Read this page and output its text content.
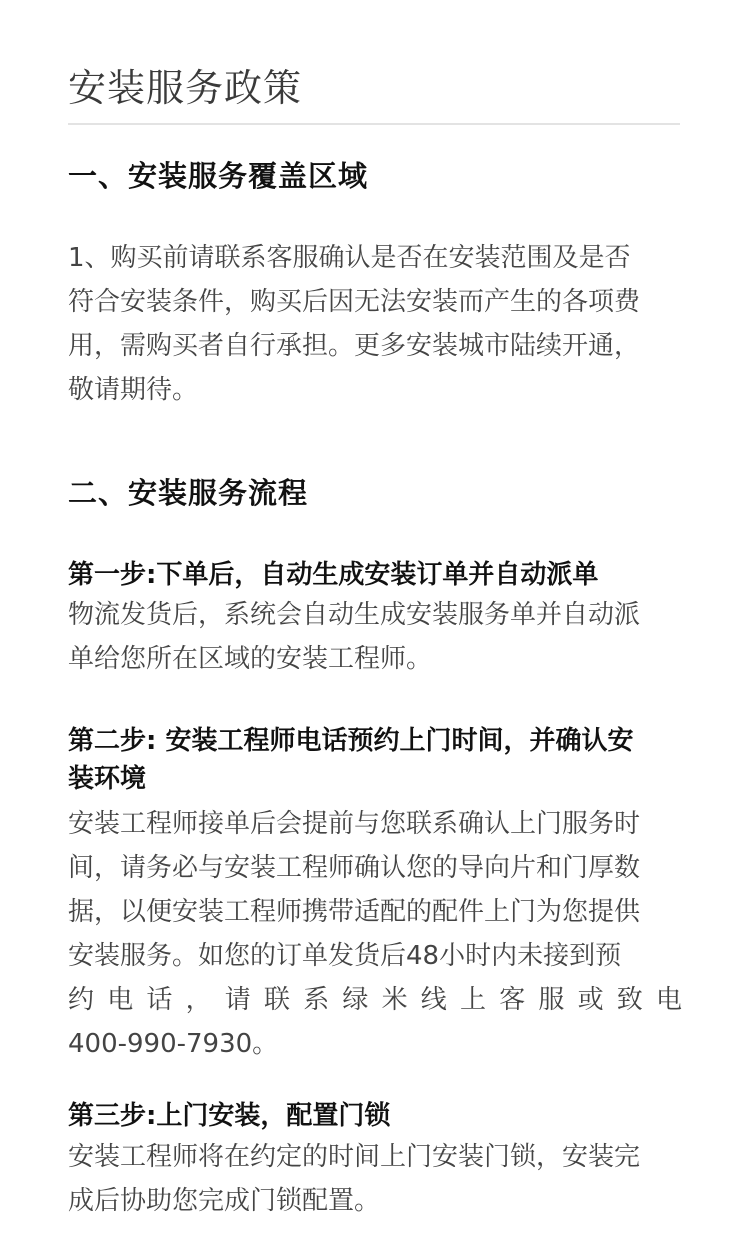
安装服务政策
一、安装服务覆盖区域

1、购买前请联系客服确认是否在安装范围及是否
符合安装条件，购买后因无法安装而产生的各项费
用，需购买者自行承担。更多安装城市陆续开通，
敬请期待。

二、安装服务流程

第一步:下单后，自动生成安装订单并自动派单

物流发货后，系统会自动生成安装服务单并自动派
单给您所在区域的安装工程师。

第二步: 安装工程师电话预约上门时间，并确认安
装环境

安装工程师接单后会提前与您联系确认上门服务时
间，请务必与安装工程师确认您的导向片和门厚数
据，以便安装工程师携带适配的配件上门为您提供
安装服务。如您的订单发货后48小时内未接到预
约电话，请联系绿米线上客服或致电
400-990-7930。

第三步:上门安装，配置门锁

安装工程师将在约定的时间上门安装门锁，安装完
成后协助您完成门锁配置。
